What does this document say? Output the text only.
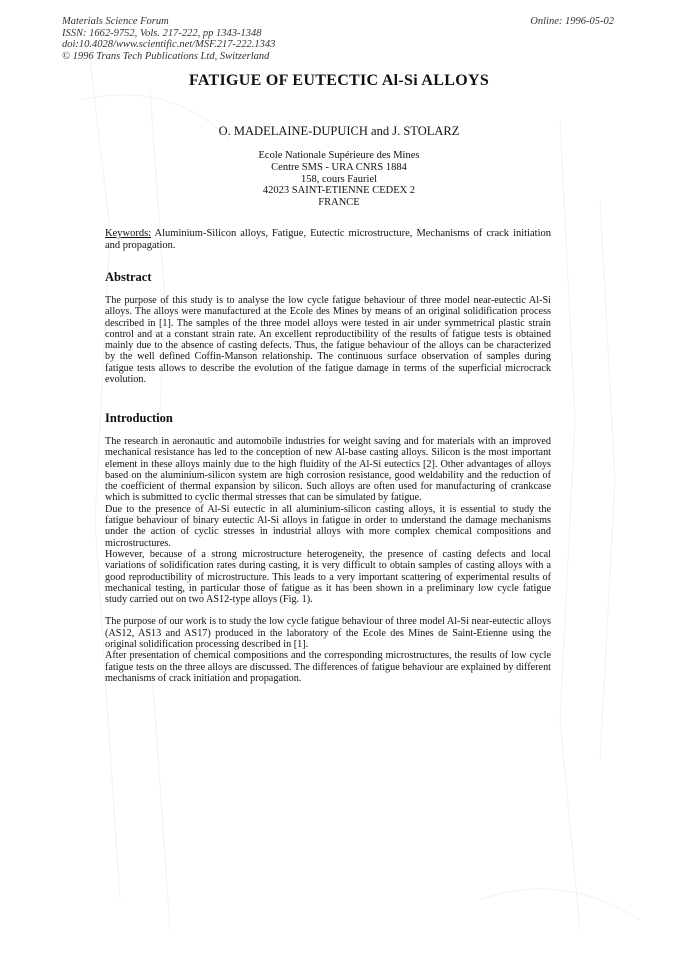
Materials Science Forum
ISSN: 1662-9752, Vols. 217-222, pp 1343-1348
doi:10.4028/www.scientific.net/MSF.217-222.1343
© 1996 Trans Tech Publications Ltd, Switzerland
Online: 1996-05-02
FATIGUE OF EUTECTIC Al-Si ALLOYS
O. MADELAINE-DUPUICH and J. STOLARZ
Ecole Nationale Supérieure des Mines
Centre SMS - URA CNRS 1884
158, cours Fauriel
42023 SAINT-ETIENNE CEDEX 2
FRANCE
Keywords: Aluminium-Silicon alloys, Fatigue, Eutectic microstructure, Mechanisms of crack initiation and propagation.
Abstract

The purpose of this study is to analyse the low cycle fatigue behaviour of three model near-eutectic Al-Si alloys. The alloys were manufactured at the Ecole des Mines by means of an original solidification process described in [1]. The samples of the three model alloys were tested in air under symmetrical plastic strain control and at a constant strain rate. An excellent reproductibility of the results of fatigue tests is obtained mainly due to the absence of casting defects. Thus, the fatigue behaviour of the alloys can be characterized by the well defined Coffin-Manson relationship. The continuous surface observation of samples during fatigue tests allows to describe the evolution of the fatigue damage in terms of the superficial microcrack evolution.

Introduction

The research in aeronautic and automobile industries for weight saving and for materials with an improved mechanical resistance has led to the conception of new Al-base casting alloys. Silicon is the most important element in these alloys mainly due to the high fluidity of the Al-Si eutectics [2]. Other advantages of alloys based on the aluminium-silicon system are high corrosion resistance, good weldability and the reduction of the coefficient of thermal expansion by silicon. Such alloys are often used for manufacturing of crankcase which is submitted to cyclic thermal stresses that can be simulated by fatigue.

Due to the presence of Al-Si eutectic in all aluminium-silicon casting alloys, it is essential to study the fatigue behaviour of binary eutectic Al-Si alloys in fatigue in order to understand the damage mechanisms under the action of cyclic stresses in industrial alloys with more complex chemical compositions and microstructures.

However, because of a strong microstructure heterogeneity, the presence of casting defects and local variations of solidification rates during casting, it is very difficult to obtain samples of casting alloys with a good reproductibility of microstructure. This leads to a very important scattering of experimental results of mechanical testing, in particular those of fatigue as it has been shown in a preliminary low cycle fatigue study carried out on two AS12-type alloys (Fig. 1).

The purpose of our work is to study the low cycle fatigue behaviour of three model Al-Si near-eutectic alloys (AS12, AS13 and AS17) produced in the laboratory of the Ecole des Mines de Saint-Etienne using the original solidification processing described in [1].

After presentation of chemical compositions and the corresponding microstructures, the results of low cycle fatigue tests on the three alloys are discussed. The differences of fatigue behaviour are explained by different mechanisms of crack initiation and propagation.
